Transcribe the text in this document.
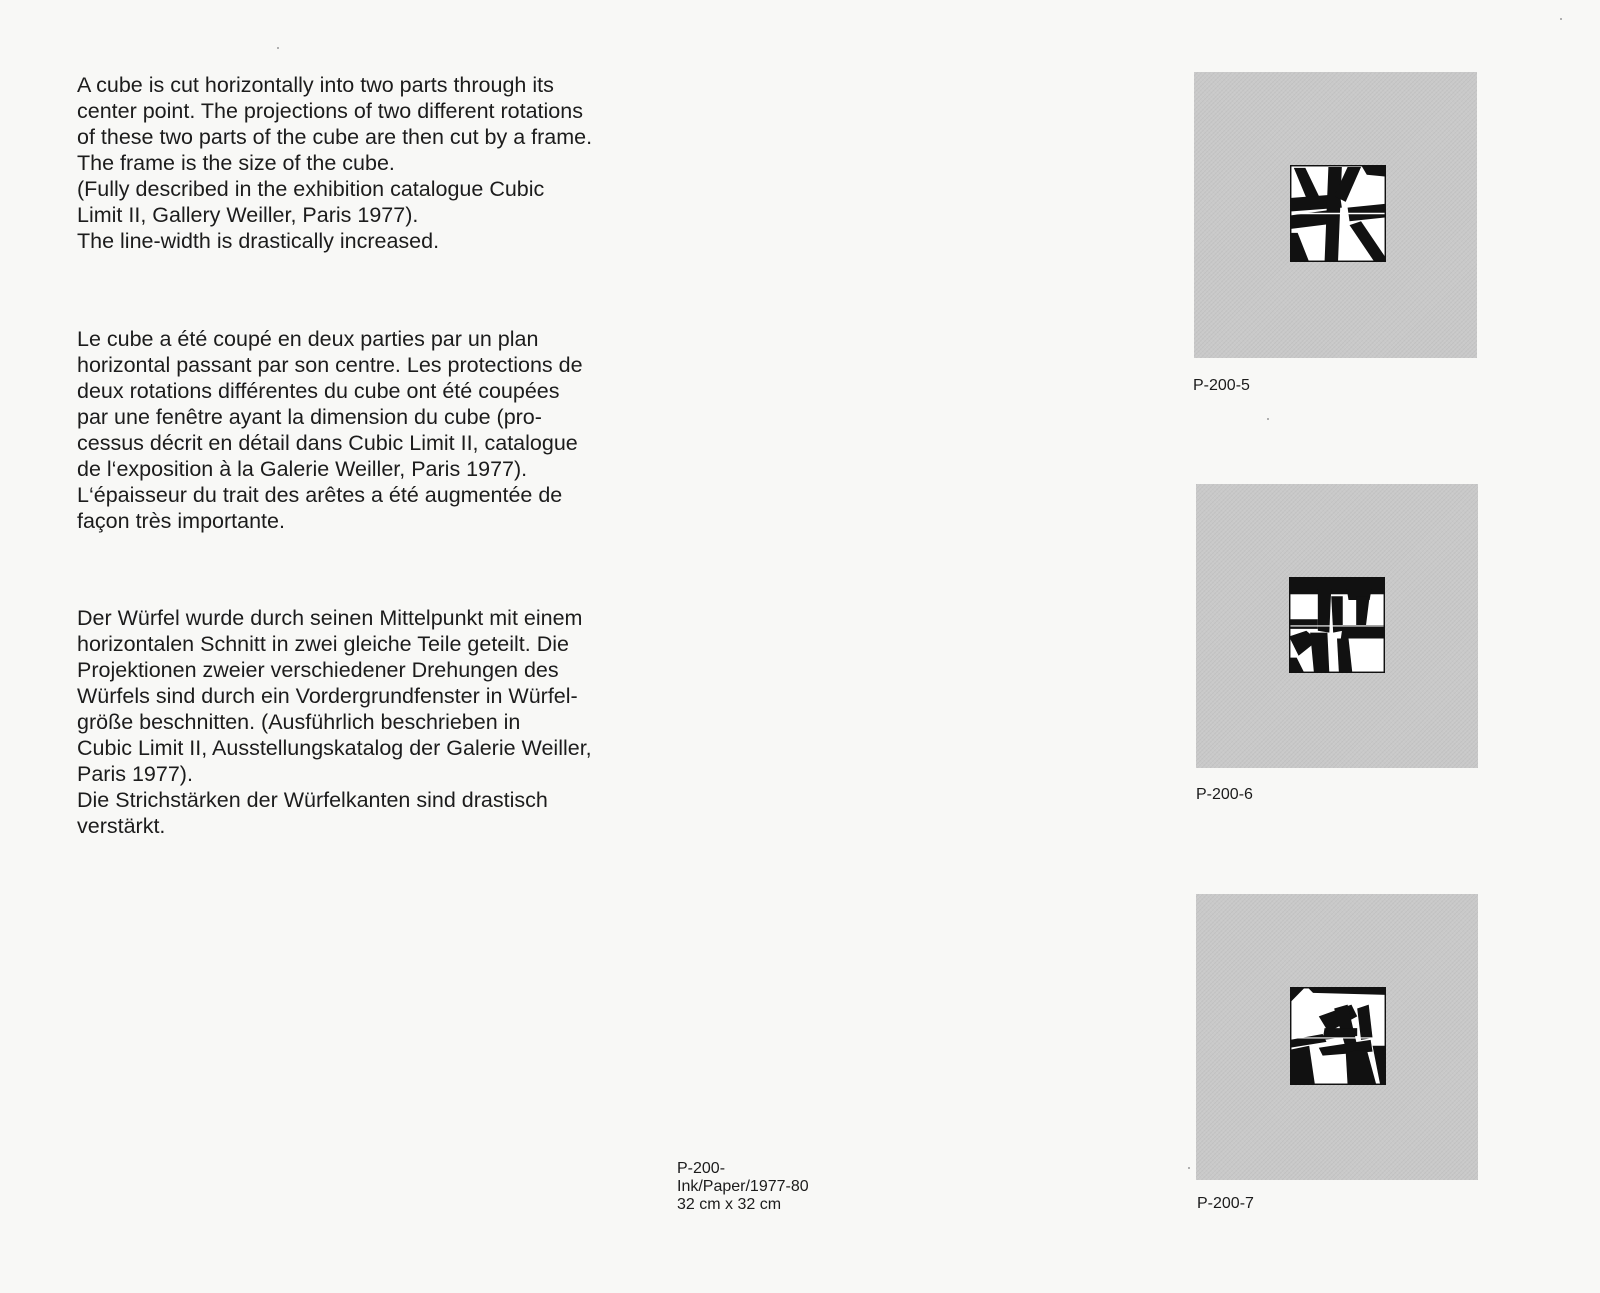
A cube is cut horizontally into two parts through its
center point. The projections of two different rotations
of these two parts of the cube are then cut by a frame.
The frame is the size of the cube.
(Fully described in the exhibition catalogue Cubic
Limit II, Gallery Weiller, Paris 1977).
The line-width is drastically increased.

Le cube a été coupé en deux parties par un plan
horizontal passant par son centre. Les protections de
deux rotations différentes du cube ont été coupées
par une fenêtre ayant la dimension du cube (pro-
cessus décrit en détail dans Cubic Limit II, catalogue
de l‘exposition à la Galerie Weiller, Paris 1977).
L‘épaisseur du trait des arêtes a été augmentée de
façon très importante.

Der Würfel wurde durch seinen Mittelpunkt mit einem
horizontalen Schnitt in zwei gleiche Teile geteilt. Die
Projektionen zweier verschiedener Drehungen des
Würfels sind durch ein Vordergrundfenster in Würfel-
größe beschnitten. (Ausführlich beschrieben in
Cubic Limit II, Ausstellungskatalog der Galerie Weiller,
Paris 1977).
Die Strichstärken der Würfelkanten sind drastisch
verstärkt.

P-200-
Ink/Paper/1977-80
32 cm x 32 cm
P-200-5
P-200-6
P-200-7
